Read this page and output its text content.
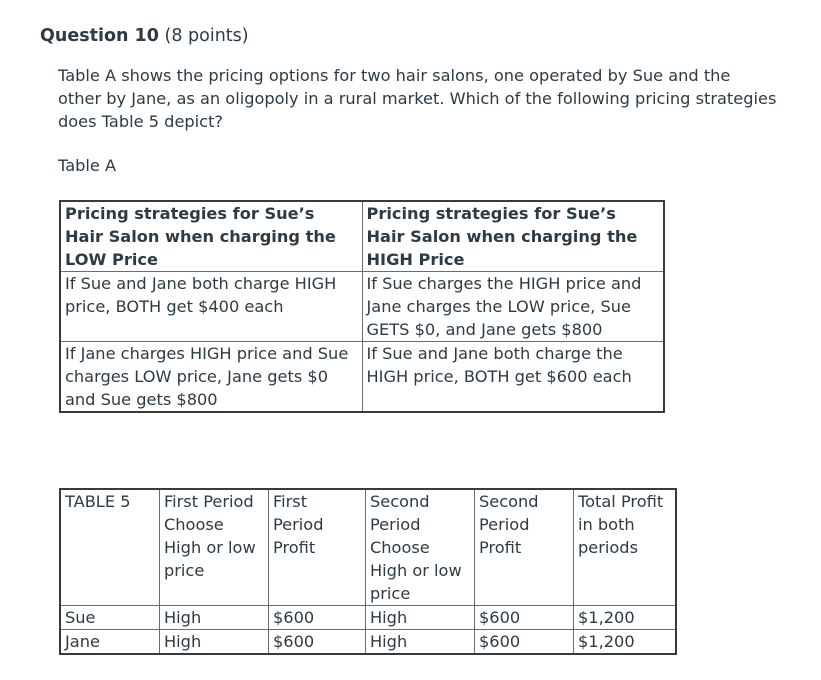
Question 10 (8 points)
Table A shows the pricing options for two hair salons, one operated by Sue and the other by Jane, as an oligopoly in a rural market. Which of the following pricing strategies does Table 5 depict?
Table A
Pricing strategies for Sue’s Hair Salon when charging the LOW Price	Pricing strategies for Sue’s Hair Salon when charging the HIGH Price
If Sue and Jane both charge HIGH price, BOTH get $400 each	If Sue charges the HIGH price and Jane charges the LOW price, Sue GETS $0, and Jane gets $800
If Jane charges HIGH price and Sue charges LOW price, Jane gets $0 and Sue gets $800	If Sue and Jane both charge the HIGH price, BOTH get $600 each
TABLE 5	First Period Choose High or low price	First Period Profit	Second Period Choose High or low price	Second Period Profit	Total Profit in both periods
Sue	High	$600	High	$600	$1,200
Jane	High	$600	High	$600	$1,200
